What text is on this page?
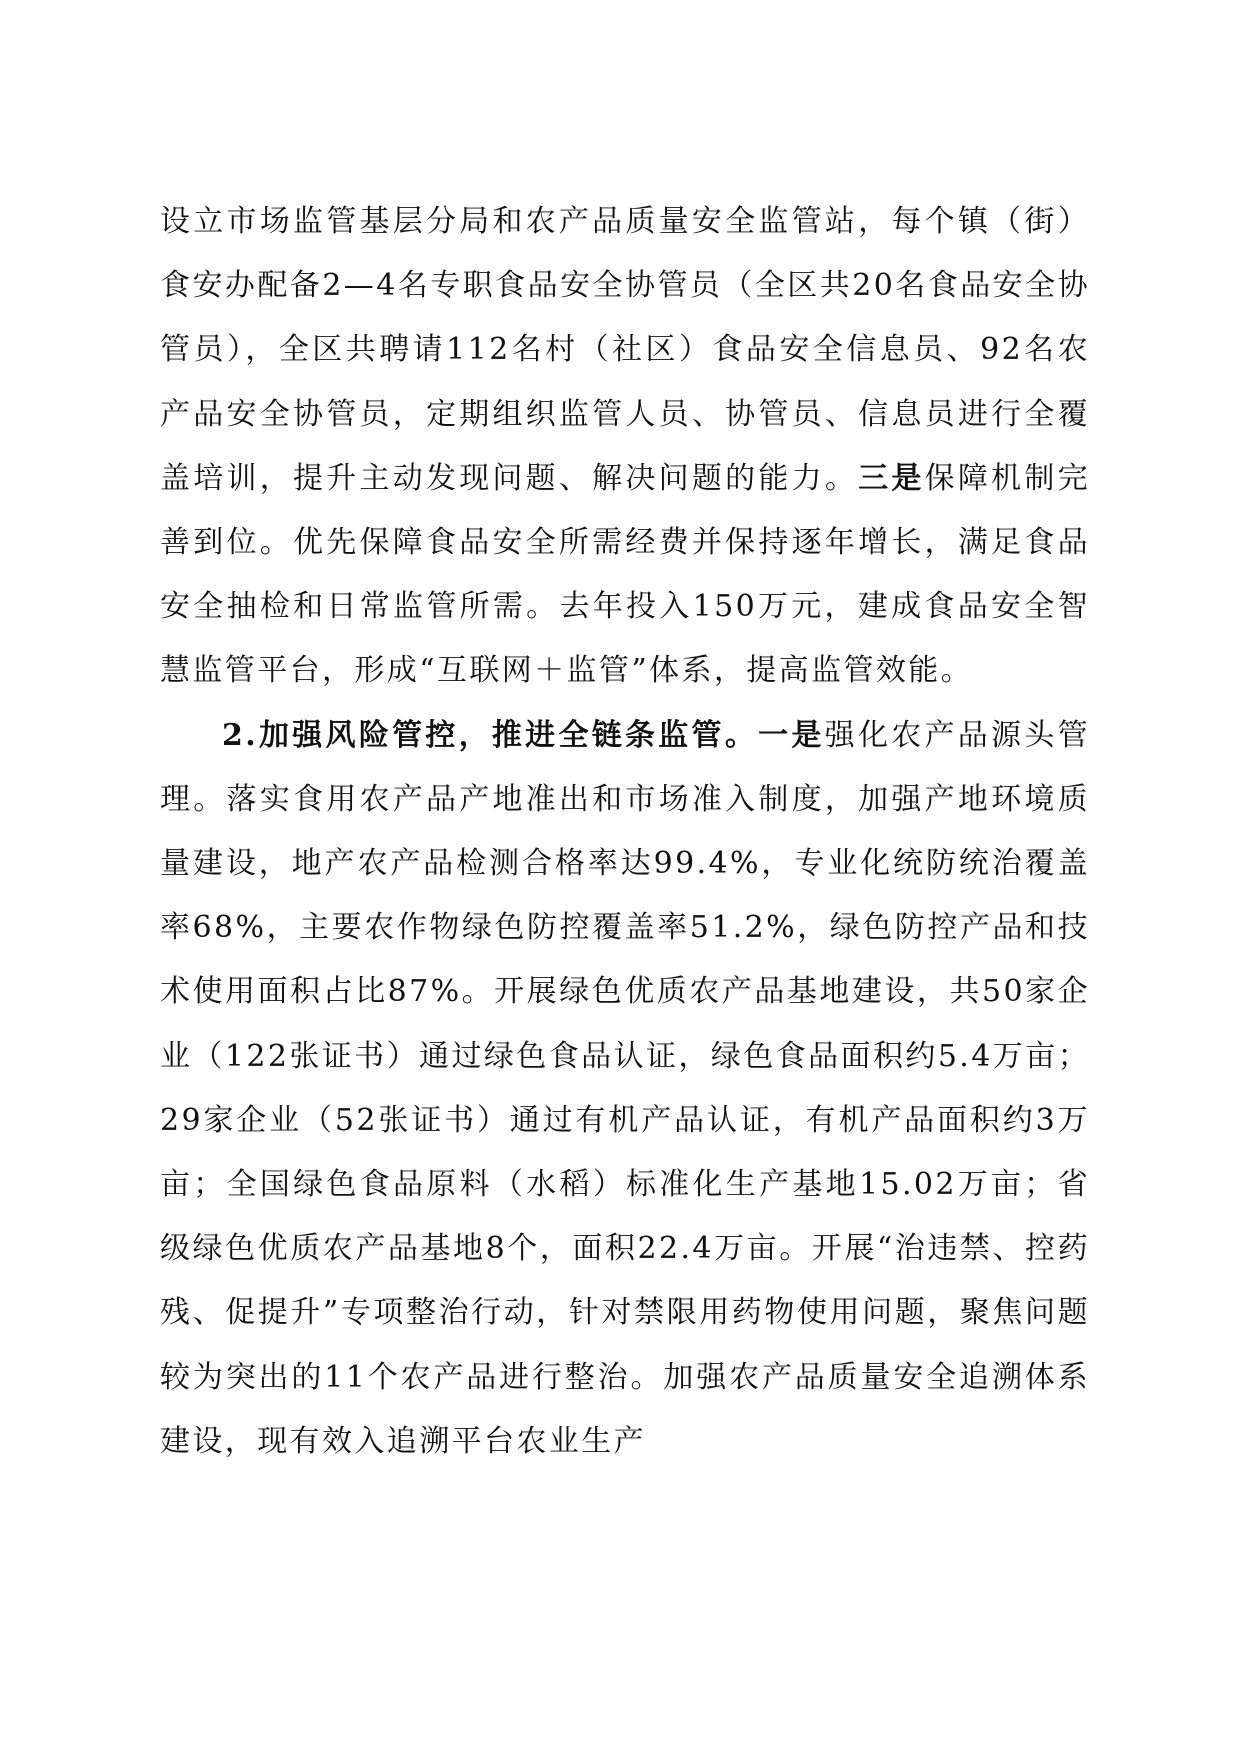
设立市场监管基层分局和农产品质量安全监管站，每个镇（街）食安办配备2—4名专职食品安全协管员（全区共20名食品安全协管员），全区共聘请112名村（社区）食品安全信息员、92名农产品安全协管员，定期组织监管人员、协管员、信息员进行全覆盖培训，提升主动发现问题、解决问题的能力。三是保障机制完善到位。优先保障食品安全所需经费并保持逐年增长，满足食品安全抽检和日常监管所需。去年投入150万元，建成食品安全智慧监管平台，形成“互联网＋监管”体系，提高监管效能。

2.加强风险管控，推进全链条监管。一是强化农产品源头管理。落实食用农产品产地准出和市场准入制度，加强产地环境质量建设，地产农产品检测合格率达99.4%，专业化统防统治覆盖率68%，主要农作物绿色防控覆盖率51.2%，绿色防控产品和技术使用面积占比87%。开展绿色优质农产品基地建设，共50家企业（122张证书）通过绿色食品认证，绿色食品面积约5.4万亩；29家企业（52张证书）通过有机产品认证，有机产品面积约3万亩；全国绿色食品原料（水稻）标准化生产基地15.02万亩；省级绿色优质农产品基地8个，面积22.4万亩。开展“治违禁、控药残、促提升”专项整治行动，针对禁限用药物使用问题，聚焦问题较为突出的11个农产品进行整治。加强农产品质量安全追溯体系建设，现有效入追溯平台农业生产
